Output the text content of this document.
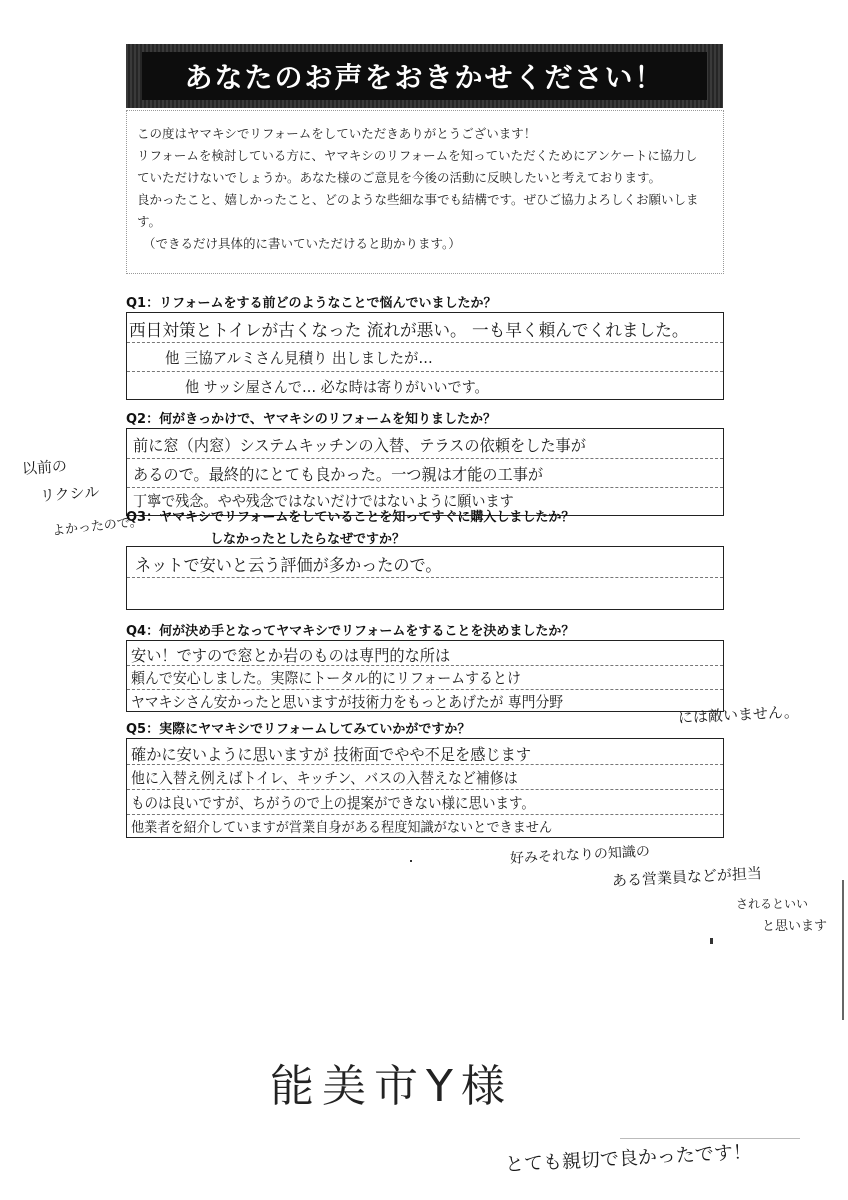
あなたのお声をおきかせください！

この度はヤマキシでリフォームをしていただきありがとうございます！

リフォームを検討している方に、ヤマキシのリフォームを知っていただくためにアンケートに協力し

ていただけないでしょうか。あなた様のご意見を今後の活動に反映したいと考えております。

良かったこと、嬉しかったこと、どのような些細な事でも結構です。ぜひご協力よろしくお願いしま

す。

（できるだけ具体的に書いていただけると助かります。）

Q1：リフォームをする前どのようなことで悩んでいましたか？
西日対策とトイレが古くなった 流れが悪い。 一も早く頼んでくれました。
他 三協アルミさん見積り 出しましたが…
他 サッシ屋さんで… 必な時は寄りがいいです。
Q2：何がきっかけで、ヤマキシのリフォームを知りましたか？
前に窓（内窓）システムキッチンの入替、テラスの依頼をした事が
あるので。最終的にとても良かった。一つ親は才能の工事が
丁寧で残念。やや残念ではないだけではないように願います
Q3：ヤマキシでリフォームをしていることを知ってすぐに購入しましたか？
しなかったとしたらなぜですか？
ネットで安いと云う評価が多かったので。
Q4：何が決め手となってヤマキシでリフォームをすることを決めましたか？
安い！ですので窓とか岩のものは専門的な所は
頼んで安心しました。実際にトータル的にリフォームするとけ
ヤマキシさん安かったと思いますが技術力をもっとあげたが 専門分野
Q5：実際にヤマキシでリフォームしてみていかがですか？
確かに安いように思いますが 技術面でやや不足を感じます
他に入替え例えばトイレ、キッチン、バスの入替えなど補修は
ものは良いですが、ちがうので上の提案ができない様に思います。
他業者を紹介していますが営業自身がある程度知識がないとできません
以前の
リクシル
よかったので。
には敵いません。
好みそれなりの知識の
ある営業員などが担当
されるといい
と思います
能美市Y様
とても親切で良かったです！
